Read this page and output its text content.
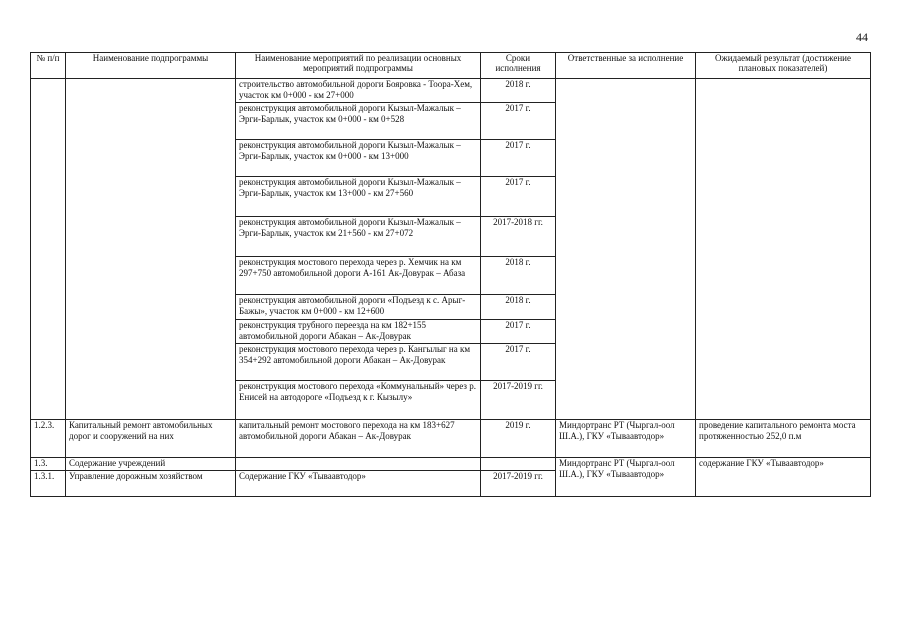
44
№ п/п	Наименование подпрограммы	Наименование мероприятий по реализации основных мероприятий подпрограммы	Сроки исполнения	Ответственные за исполнение	Ожидаемый результат (достижение плановых показателей)
		строительство автомобильной дороги Бояровка - Тоора-Хем, участок км 0+000 - км 27+000	2018 г.		
		реконструкция автомобильной дороги Кызыл-Мажалык – Эрги-Барлык, участок км 0+000 - км 0+528	2017 г.		
		реконструкция автомобильной дороги Кызыл-Мажалык – Эрги-Барлык, участок км 0+000 - км 13+000	2017 г.		
		реконструкция автомобильной дороги Кызыл-Мажалык – Эрги-Барлык, участок км 13+000 - км 27+560	2017 г.		
		реконструкция автомобильной дороги Кызыл-Мажалык – Эрги-Барлык, участок км 21+560 - км 27+072	2017-2018 гг.		
		реконструкция мостового перехода через р. Хемчик на км 297+750 автомобильной дороги А-161 Ак-Довурак – Абаза	2018 г.		
		реконструкция автомобильной дороги «Подъезд к с. Арыг-Бажы», участок км 0+000 - км 12+600	2018 г.		
		реконструкция трубного переезда на км 182+155 автомобильной дороги Абакан – Ак-Довурак	2017 г.		
		реконструкция мостового перехода через р. Кангылыг на км 354+292 автомобильной дороги Абакан – Ак-Довурак	2017 г.		
		реконструкция мостового перехода «Коммунальный» через р. Енисей на автодороге «Подъезд к г. Кызылу»	2017-2019 гг.		
1.2.3.	Капитальный ремонт автомобильных дорог и сооружений на них	капитальный ремонт мостового перехода на км 183+627 автомобильной дороги Абакан – Ак-Довурак	2019 г.	Миндортранс РТ (Чыргал-оол Ш.А.), ГКУ «Тываавтодор»	проведение капитального ремонта моста протяженностью 252,0 п.м
1.3.	Содержание учреждений			Миндортранс РТ (Чыргал-оол Ш.А.), ГКУ «Тываавтодор»	содержание ГКУ «Тываавтодор»
1.3.1.	Управление дорожным хозяйством	Содержание ГКУ «Тываавтодор»	2017-2019 гг.		
